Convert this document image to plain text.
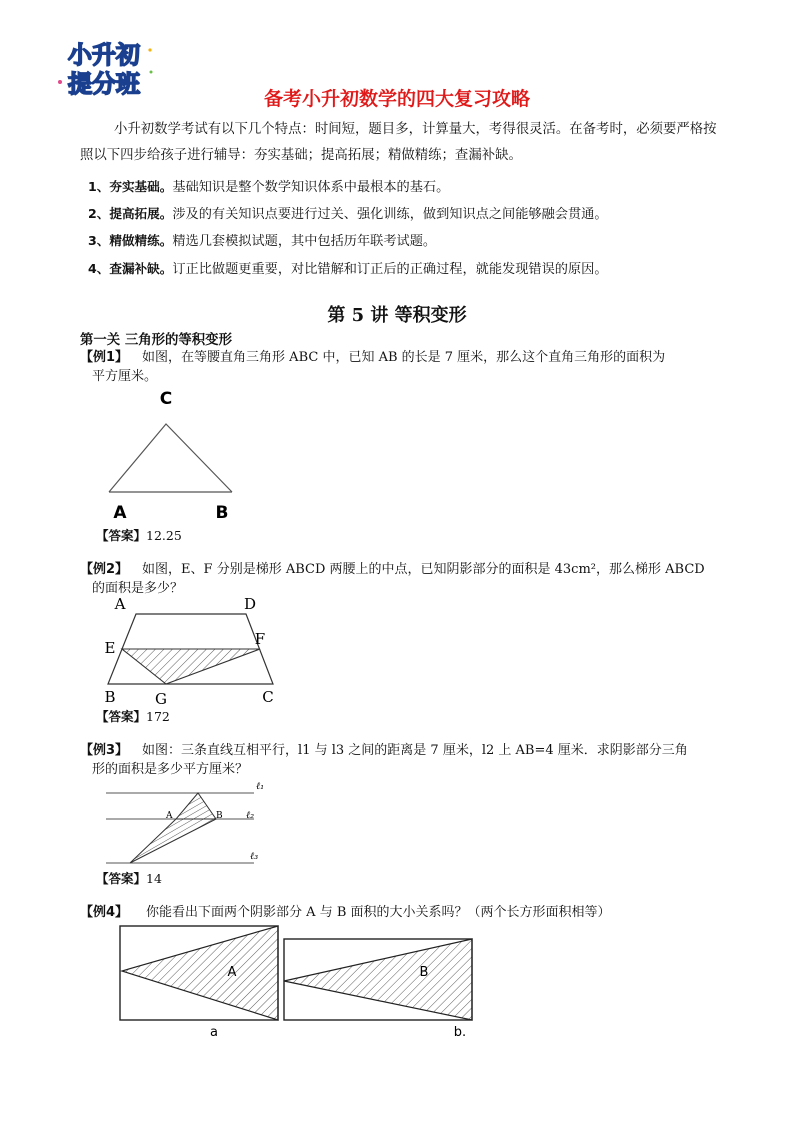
小升初
提分班
备考小升初数学的四大复习攻略
小升初数学考试有以下几个特点：时间短，题目多，计算量大，考得很灵活。在备考时，必须要严格按照以下四步给孩子进行辅导：夯实基础；提高拓展；精做精练；查漏补缺。
1、夯实基础。基础知识是整个数学知识体系中最根本的基石。
2、提高拓展。涉及的有关知识点要进行过关、强化训练，做到知识点之间能够融会贯通。
3、精做精练。精选几套模拟试题，其中包括历年联考试题。
4、查漏补缺。订正比做题更重要，对比错解和订正后的正确过程，就能发现错误的原因。
第 5 讲 等积变形
第一关 三角形的等积变形
【例1】 如图，在等腰直角三角形 ABC 中，已知 AB 的长是 7 厘米，那么这个直角三角形的面积为
平方厘米。
C
A	B
【答案】12.25
【例2】 如图，E、F 分别是梯形 ABCD 两腰上的中点，已知阴影部分的面积是 43cm²，那么梯形 ABCD
的面积是多少？
A	D
E	F
B	G	C
【答案】172
【例3】 如图：三条直线互相平行，l1 与 l3 之间的距离是 7 厘米，l2 上 AB=4 厘米．求阴影部分三角
形的面积是多少平方厘米？
ℓ₁
ℓ₂
ℓ₃
A	B
【答案】14
【例4】 你能看出下面两个阴影部分 A 与 B 面积的大小关系吗？（两个长方形面积相等）
A	B
a	b.
